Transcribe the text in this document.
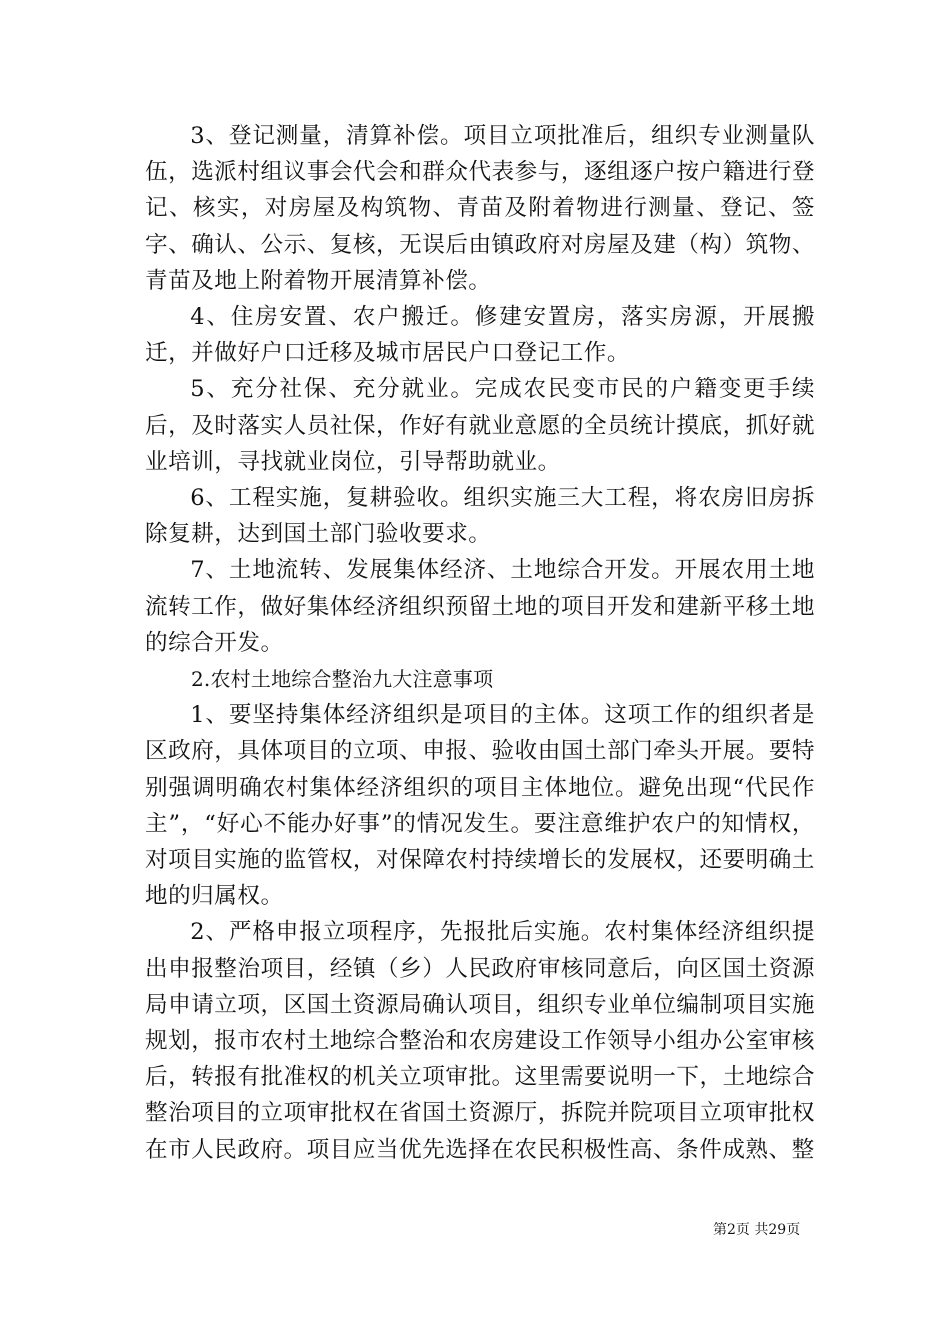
3、登记测量，清算补偿。项目立项批准后，组织专业测量队伍，选派村组议事会代会和群众代表参与，逐组逐户按户籍进行登记、核实，对房屋及构筑物、青苗及附着物进行测量、登记、签字、确认、公示、复核，无误后由镇政府对房屋及建（构）筑物、青苗及地上附着物开展清算补偿。

4、住房安置、农户搬迁。修建安置房，落实房源，开展搬迁，并做好户口迁移及城市居民户口登记工作。

5、充分社保、充分就业。完成农民变市民的户籍变更手续后，及时落实人员社保，作好有就业意愿的全员统计摸底，抓好就业培训，寻找就业岗位，引导帮助就业。

6、工程实施，复耕验收。组织实施三大工程，将农房旧房拆除复耕，达到国土部门验收要求。

7、土地流转、发展集体经济、土地综合开发。开展农用土地流转工作，做好集体经济组织预留土地的项目开发和建新平移土地的综合开发。

2.农村土地综合整治九大注意事项

1、要坚持集体经济组织是项目的主体。这项工作的组织者是区政府，具体项目的立项、申报、验收由国土部门牵头开展。要特别强调明确农村集体经济组织的项目主体地位。避免出现“代民作主”，“好心不能办好事”的情况发生。要注意维护农户的知情权，对项目实施的监管权，对保障农村持续增长的发展权，还要明确土地的归属权。

2、严格申报立项程序，先报批后实施。农村集体经济组织提出申报整治项目，经镇（乡）人民政府审核同意后，向区国土资源局申请立项，区国土资源局确认项目，组织专业单位编制项目实施规划，报市农村土地综合整治和农房建设工作领导小组办公室审核后，转报有批准权的机关立项审批。这里需要说明一下，土地综合整治项目的立项审批权在省国土资源厅，拆院并院项目立项审批权在市人民政府。项目应当优先选择在农民积极性高、条件成熟、整

第2页 共29页
